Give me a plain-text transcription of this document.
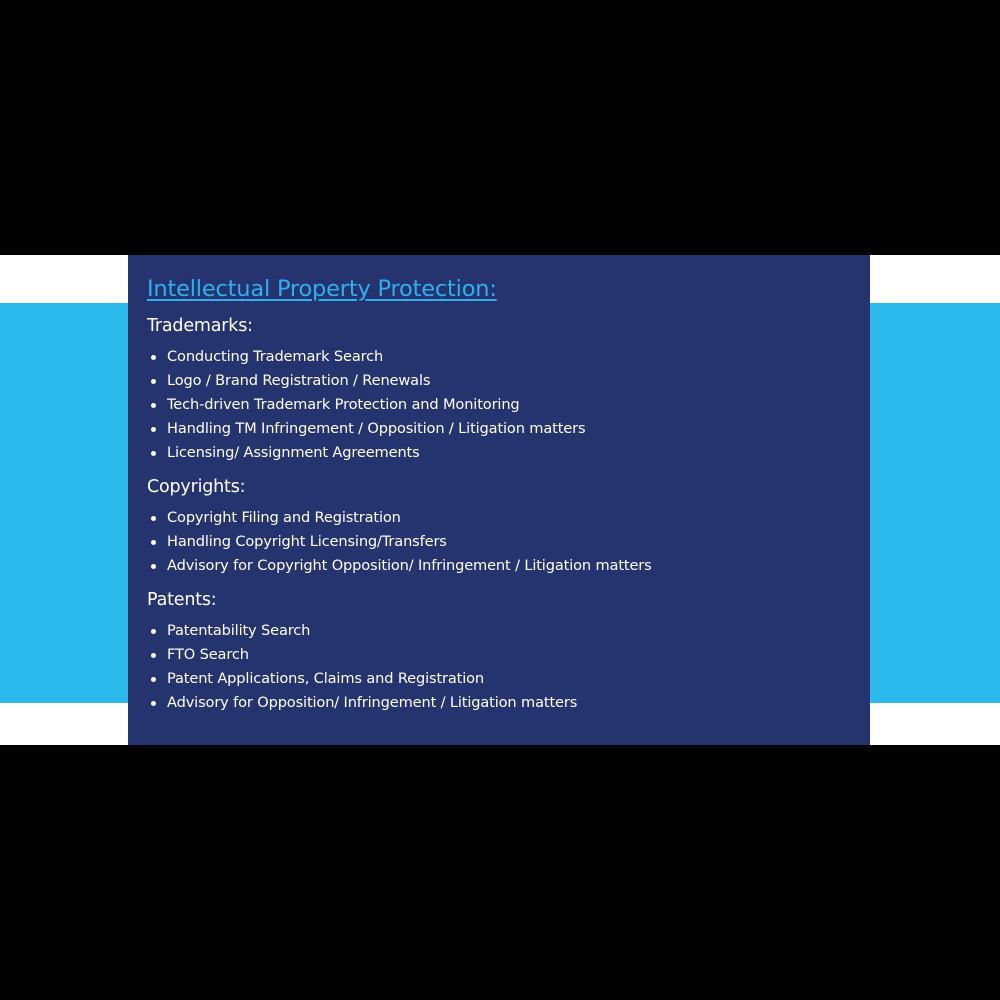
Intellectual Property Protection:
Trademarks:
Conducting Trademark Search
Logo / Brand Registration / Renewals
Tech-driven Trademark Protection and Monitoring
Handling TM Infringement / Opposition / Litigation matters
Licensing/ Assignment Agreements
Copyrights:
Copyright Filing and Registration
Handling Copyright Licensing/Transfers
Advisory for Copyright Opposition/ Infringement / Litigation matters
Patents:
Patentability Search
FTO Search
Patent Applications, Claims and Registration
Advisory for Opposition/ Infringement / Litigation matters
